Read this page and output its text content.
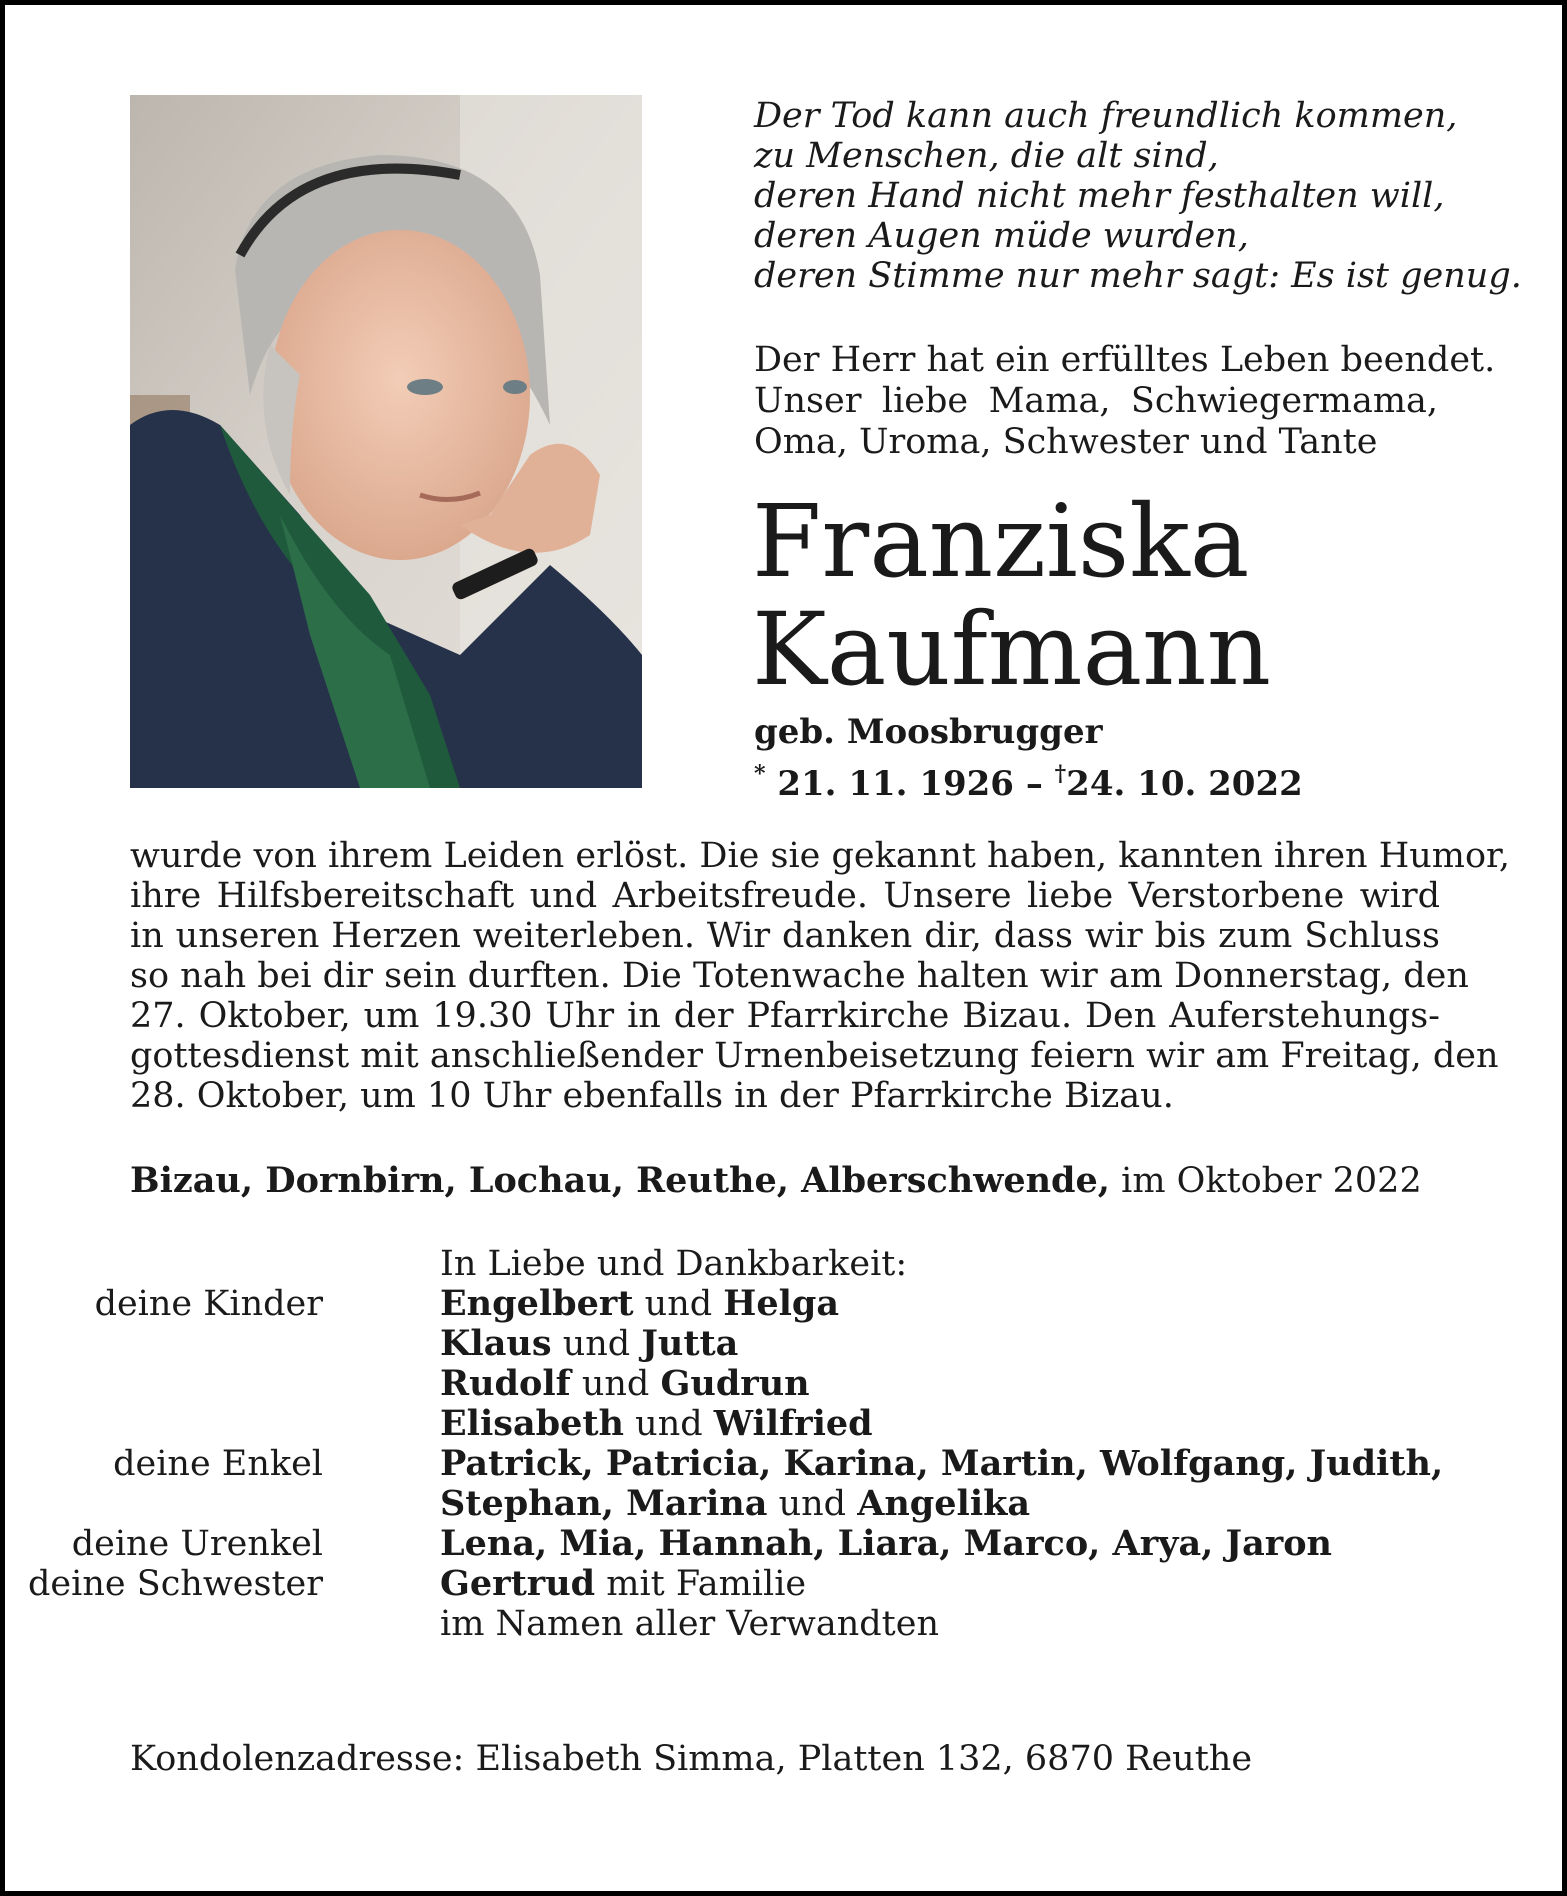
Der Tod kann auch freundlich kommen,
zu Menschen, die alt sind,
deren Hand nicht mehr festhalten will,
deren Augen müde wurden,
deren Stimme nur mehr sagt: Es ist genug.
Der Herr hat ein erfülltes Leben beendet.
Unser liebe Mama, Schwiegermama,
Oma, Uroma, Schwester und Tante
Franziska
Kaufmann
geb. Moosbrugger
* 21. 11. 1926 – †24. 10. 2022
wurde von ihrem Leiden erlöst. Die sie gekannt haben, kannten ihren Humor,
ihre Hilfsbereitschaft und Arbeitsfreude. Unsere liebe Verstorbene wird
in unseren Herzen weiterleben. Wir danken dir, dass wir bis zum Schluss
so nah bei dir sein durften. Die Totenwache halten wir am Donnerstag, den
27. Oktober, um 19.30 Uhr in der Pfarrkirche Bizau. Den Auferstehungs-
gottesdienst mit anschließender Urnenbeisetzung feiern wir am Freitag, den
28. Oktober, um 10 Uhr ebenfalls in der Pfarrkirche Bizau.
Bizau, Dornbirn, Lochau, Reuthe, Alberschwende, im Oktober 2022
In Liebe und Dankbarkeit:
deine Kinder	Engelbert und Helga
Klaus und Jutta
Rudolf und Gudrun
Elisabeth und Wilfried
deine Enkel	Patrick, Patricia, Karina, Martin, Wolfgang, Judith,
Stephan, Marina und Angelika
deine Urenkel	Lena, Mia, Hannah, Liara, Marco, Arya, Jaron
deine Schwester	Gertrud mit Familie
im Namen aller Verwandten
Kondolenzadresse: Elisabeth Simma, Platten 132, 6870 Reuthe
